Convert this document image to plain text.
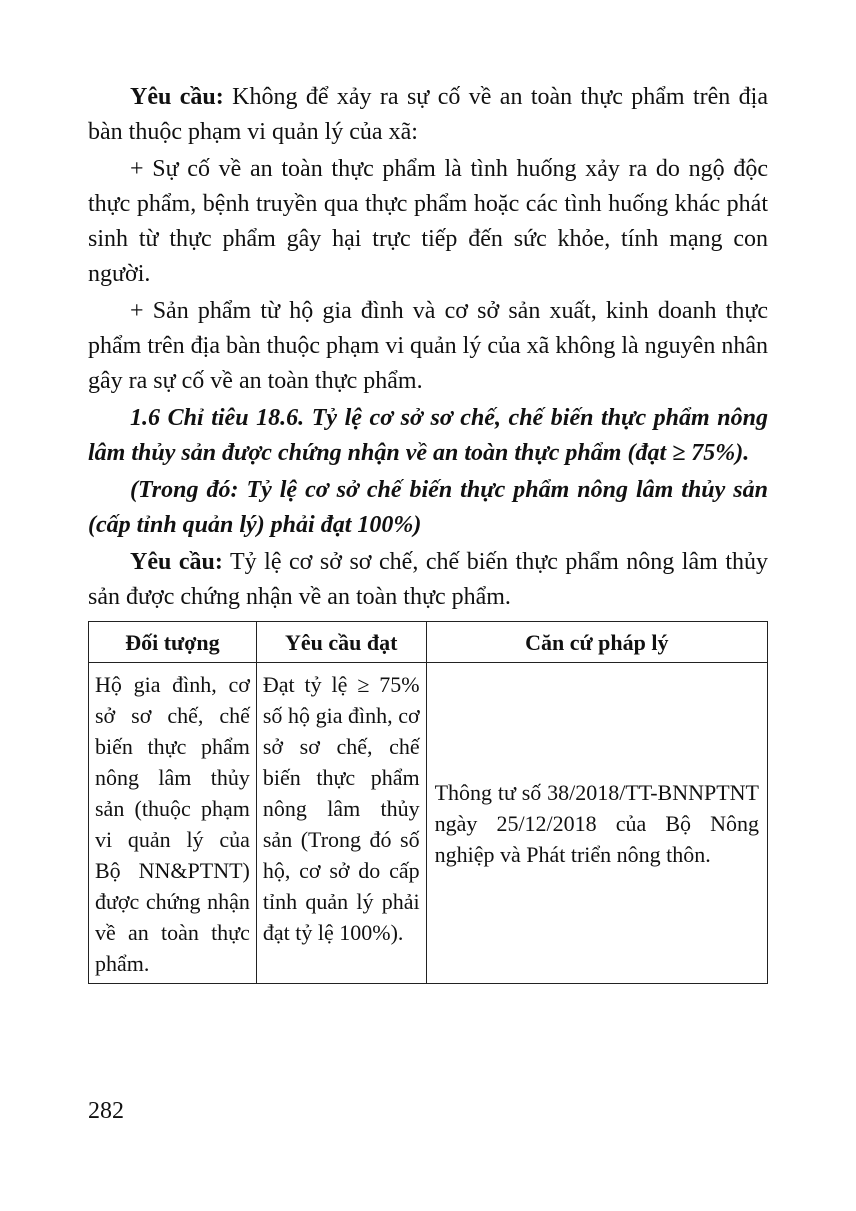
Yêu cầu: Không để xảy ra sự cố về an toàn thực phẩm trên địa bàn thuộc phạm vi quản lý của xã:

+ Sự cố về an toàn thực phẩm là tình huống xảy ra do ngộ độc thực phẩm, bệnh truyền qua thực phẩm hoặc các tình huống khác phát sinh từ thực phẩm gây hại trực tiếp đến sức khỏe, tính mạng con người.

+ Sản phẩm từ hộ gia đình và cơ sở sản xuất, kinh doanh thực phẩm trên địa bàn thuộc phạm vi quản lý của xã không là nguyên nhân gây ra sự cố về an toàn thực phẩm.

1.6 Chỉ tiêu 18.6. Tỷ lệ cơ sở sơ chế, chế biến thực phẩm nông lâm thủy sản được chứng nhận về an toàn thực phẩm (đạt ≥ 75%).

(Trong đó: Tỷ lệ cơ sở chế biến thực phẩm nông lâm thủy sản (cấp tỉnh quản lý) phải đạt 100%)

Yêu cầu: Tỷ lệ cơ sở sơ chế, chế biến thực phẩm nông lâm thủy sản được chứng nhận về an toàn thực phẩm.

Đối tượng	Yêu cầu đạt	Căn cứ pháp lý
Hộ gia đình, cơ sở sơ chế, chế biến thực phẩm nông lâm thủy sản (thuộc phạm vi quản lý của Bộ NN&PTNT) được chứng nhận về an toàn thực phẩm.	Đạt tỷ lệ ≥ 75% số hộ gia đình, cơ sở sơ chế, chế biến thực phẩm nông lâm thủy sản (Trong đó số hộ, cơ sở do cấp tỉnh quản lý phải đạt tỷ lệ 100%).	Thông tư số 38/2018/TT-BNNPTNT ngày 25/12/2018 của Bộ Nông nghiệp và Phát triển nông thôn.
282
